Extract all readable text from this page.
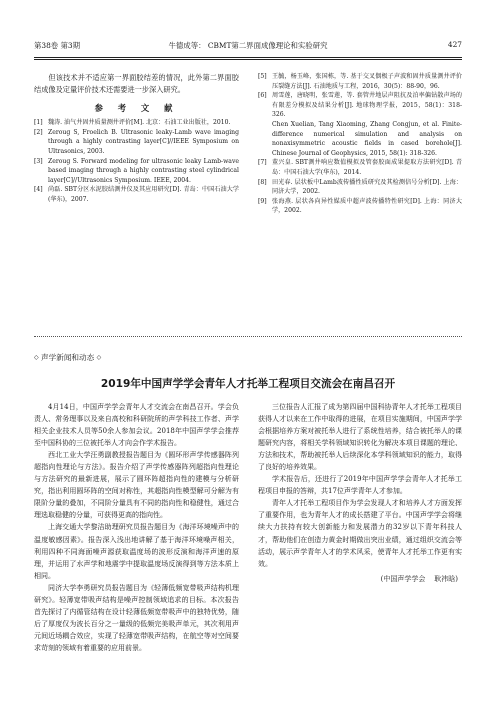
第38卷 第3期	牛德成等： CBMT第二界面成像理论和实验研究	427

但该技术并不适应第一界面胶结差的情况，此外第二界面胶结成像及定量评价技术还需要进一步深入研究。

参 考 文 献
[1] 魏涛. 油气井固井质量测井评价[M]. 北京：石油工业出版社，2010.
[2] Zeroug S, Froelich B. Ultrasonic leaky-Lamb wave imaging through a highly contrasting layer[C]//IEEE Symposium on Ultrasonics, 2003.
[3] Zeroug S. Forward modeling for ultrasonic leaky Lamb-wave based imaging through a highly contrasting steel cylindrical layer[C]//Ultrasonics Symposium. IEEE, 2004.
[4] 尚磊. SBT分区水泥胶结测井仪及其应用研究[D]. 青岛：中国石油大学(华东)，2007.
[5] 王毓，杨玉峰，张国栋，等. 基于交叉偶极子声波和固井质量测井评价压裂缝方法[J]. 石油地质与工程，2016，30(5)：88-90，96.
[6] 周雪莲，唐晓明，张雪莲，等. 套管井地层声阻抗及泊率偏钻散声场的有限差分模拟及结果分析[J]. 地球物理学报，2015，58(1)：318-326.
Chen Xuelian, Tang Xiaoming, Zhang Congjun, et al. Finite-difference numerical simulation and analysis on nonaxisymmetric acoustic fields in cased borehole[J]. Chinese Journal of Geophysics, 2015, 58(1): 318-326.
[7] 董兴皇. SBT测井响应数值模拟及管套胶面成果提取方法研究[D]. 青岛：中国石油大学(华东)，2014.
[8] 田光春. 层状板中Lamb波传播性质研究及其检测信号分析[D]. 上海：同济大学，2002.
[9] 张海燕. 层状各向异性媒质中超声波传播特性研究[D]. 上海：同济大学，2002.
◇ 声学新闻和动态 ◇
2019年中国声学学会青年人才托举工程项目交流会在南昌召开

4月14日，中国声学学会青年人才交流会在南昌召开。学会负责人、常务理事以及来自高校和科研院所的声学科技工作者、声学相关企业技术人员等50余人参加会议。2018年中国声学学会推荐至中国科协的三位被托举人才向会作学术报告。

西北工业大学汪勇副教授报告题目为《圆环形声学传感器阵列超指向性理论与方法》。报告介绍了声学传感器阵列超指向性理论与方法研究的最新进展，展示了圆环阵超指向性的建模与分析研究，指出利用圆环阵的空间对称性，其超指向性模型解可分解为有限阶分量的叠加，不同阶分量具有不同的指向性和稳健性，通过合理选取稳健的分量，可获得更高的指向性。

上海交通大学黎洁助理研究员报告题目为《海洋环境噪声中的温度敏感因素》。报告深入浅出地讲解了基于海洋环境噪声相关，利用四种不同海面噪声源获取温度场的波形反演和海洋声速的原理，并运用了水声学和地震学中提取温度场反演得到等方法本质上相同。

同济大学李勇研究员报告题目为《轻薄低频宽带吸声结构机理研究》。轻薄宽带吸声结构是噪声控制领域追求的目标。本次报告首先探讨了内循管结构在设计轻薄低频宽带吸声中的独特优势，随后了厚度仅为波长百分之一量级的低频完美吸声单元，其次利用声元间近场耦合效应，实现了轻薄宽带吸声结构，在航空等对空间要求苛刻的领域有着重要的应用前景。

三位报告人汇报了成为第四届中国科协青年人才托举工程项目获得人才以来在工作中取得的进展，在项目实施期间，中国声学学会根据培养方案对被托举人进行了系统性培养，结合被托举人的课题研究内容，将相关学科领域知识转化为解决本项目课题的理论、方法和技术，帮助被托举人后续深化本学科领域知识的能力，取得了良好的培养效果。

学术报告后，还进行了2019年中国声学学会青年人才托举工程项目申报的答辩，共17位声学青年人才参加。

青年人才托举工程项目作为学会发现人才和培养人才方面发挥了重要作用，也为青年人才的成长搭建了平台。中国声学学会将继续大力扶持有较大创新能力和发展潜力的32岁以下青年科技人才，帮助他们在创造力黄金时期做出突出业绩，通过组织交流会等活动，展示声学青年人才的学术风采，使青年人才托举工作更有实效。

(中国声学学会    耿祎晗)
